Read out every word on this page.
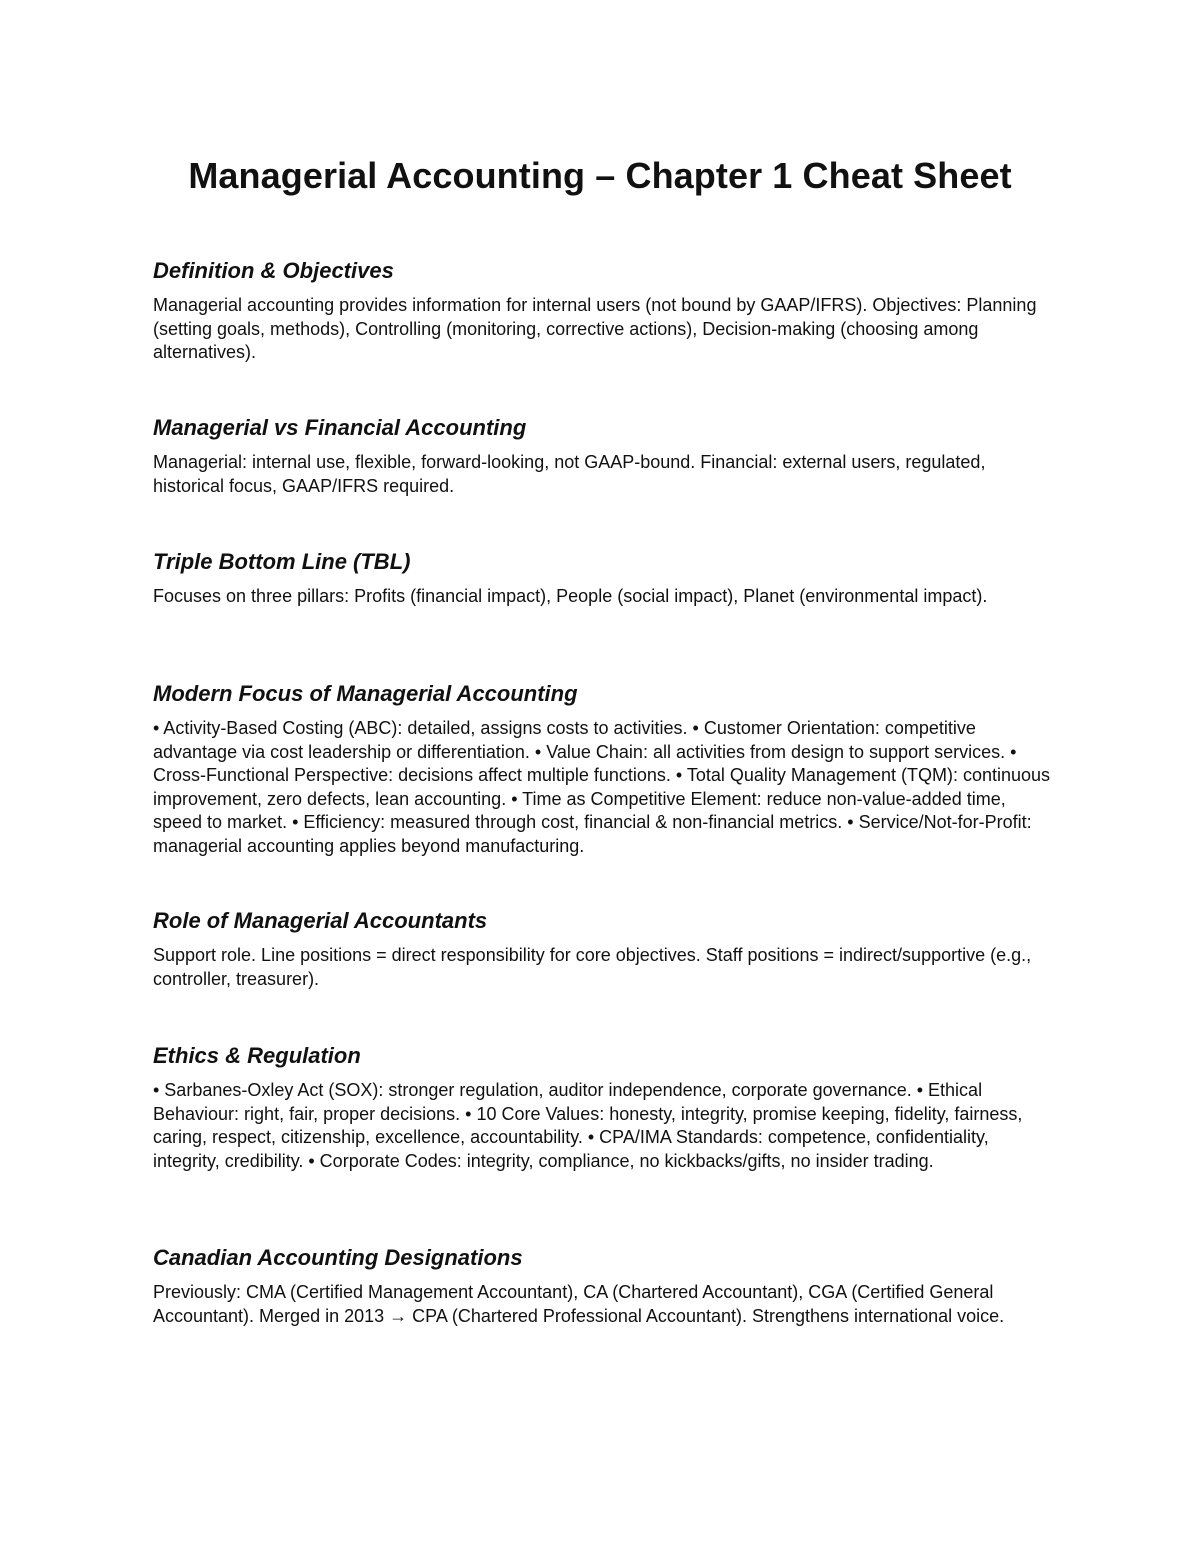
Managerial Accounting – Chapter 1 Cheat Sheet
Definition & Objectives

Managerial accounting provides information for internal users (not bound by GAAP/IFRS). Objectives: Planning (setting goals, methods), Controlling (monitoring, corrective actions), Decision-making (choosing among alternatives).

Managerial vs Financial Accounting

Managerial: internal use, flexible, forward-looking, not GAAP-bound. Financial: external users, regulated, historical focus, GAAP/IFRS required.

Triple Bottom Line (TBL)

Focuses on three pillars: Profits (financial impact), People (social impact), Planet (environmental impact).

Modern Focus of Managerial Accounting

• Activity-Based Costing (ABC): detailed, assigns costs to activities. • Customer Orientation: competitive advantage via cost leadership or differentiation. • Value Chain: all activities from design to support services. • Cross-Functional Perspective: decisions affect multiple functions. • Total Quality Management (TQM): continuous improvement, zero defects, lean accounting. • Time as Competitive Element: reduce non-value-added time, speed to market. • Efficiency: measured through cost, financial & non-financial metrics. • Service/Not-for-Profit: managerial accounting applies beyond manufacturing.

Role of Managerial Accountants

Support role. Line positions = direct responsibility for core objectives. Staff positions = indirect/supportive (e.g., controller, treasurer).

Ethics & Regulation

• Sarbanes-Oxley Act (SOX): stronger regulation, auditor independence, corporate governance. • Ethical Behaviour: right, fair, proper decisions. • 10 Core Values: honesty, integrity, promise keeping, fidelity, fairness, caring, respect, citizenship, excellence, accountability. • CPA/IMA Standards: competence, confidentiality, integrity, credibility. • Corporate Codes: integrity, compliance, no kickbacks/gifts, no insider trading.

Canadian Accounting Designations

Previously: CMA (Certified Management Accountant), CA (Chartered Accountant), CGA (Certified General Accountant). Merged in 2013 → CPA (Chartered Professional Accountant). Strengthens international voice.
